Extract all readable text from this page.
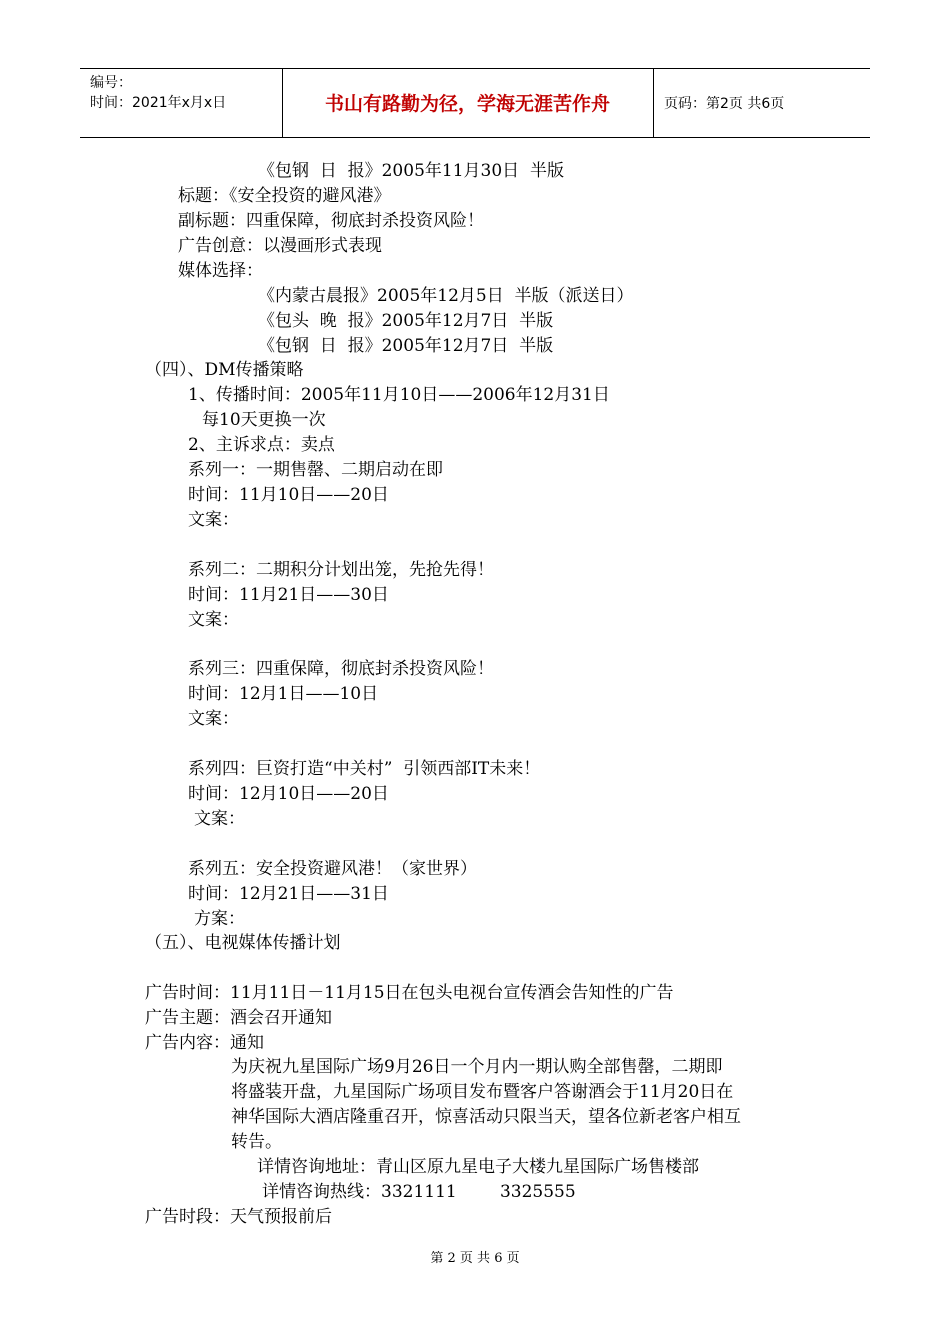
编号：
时间：2021年x月x日	书山有路勤为径，学海无涯苦作舟	页码：第2页 共6页
《包钢  日  报》2005年11月30日  半版
标题：《安全投资的避风港》
副标题：四重保障，彻底封杀投资风险！
广告创意：以漫画形式表现
媒体选择：
《内蒙古晨报》2005年12月5日  半版（派送日）
《包头  晚  报》2005年12月7日  半版
《包钢  日  报》2005年12月7日  半版
（四）、DM传播策略
1、传播时间：2005年11月10日——2006年12月31日
每10天更换一次
2、主诉求点：卖点
系列一：一期售罄、二期启动在即
时间：11月10日——20日
文案：
系列二：二期积分计划出笼，先抢先得！
时间：11月21日——30日
文案：
系列三：四重保障，彻底封杀投资风险！
时间：12月1日——10日
文案：
系列四：巨资打造“中关村”  引领西部IT未来！
时间：12月10日——20日
文案：
系列五：安全投资避风港！（家世界）
时间：12月21日——31日
方案：
（五）、电视媒体传播计划
广告时间：11月11日－11月15日在包头电视台宣传酒会告知性的广告
广告主题：酒会召开通知
广告内容：通知
为庆祝九星国际广场9月26日一个月内一期认购全部售罄，二期即
将盛装开盘，九星国际广场项目发布暨客户答谢酒会于11月20日在
神华国际大酒店隆重召开，惊喜活动只限当天，望各位新老客户相互
转告。
详情咨询地址：青山区原九星电子大楼九星国际广场售楼部
详情咨询热线：3321111        3325555
广告时段：天气预报前后
第 2 页 共 6 页
